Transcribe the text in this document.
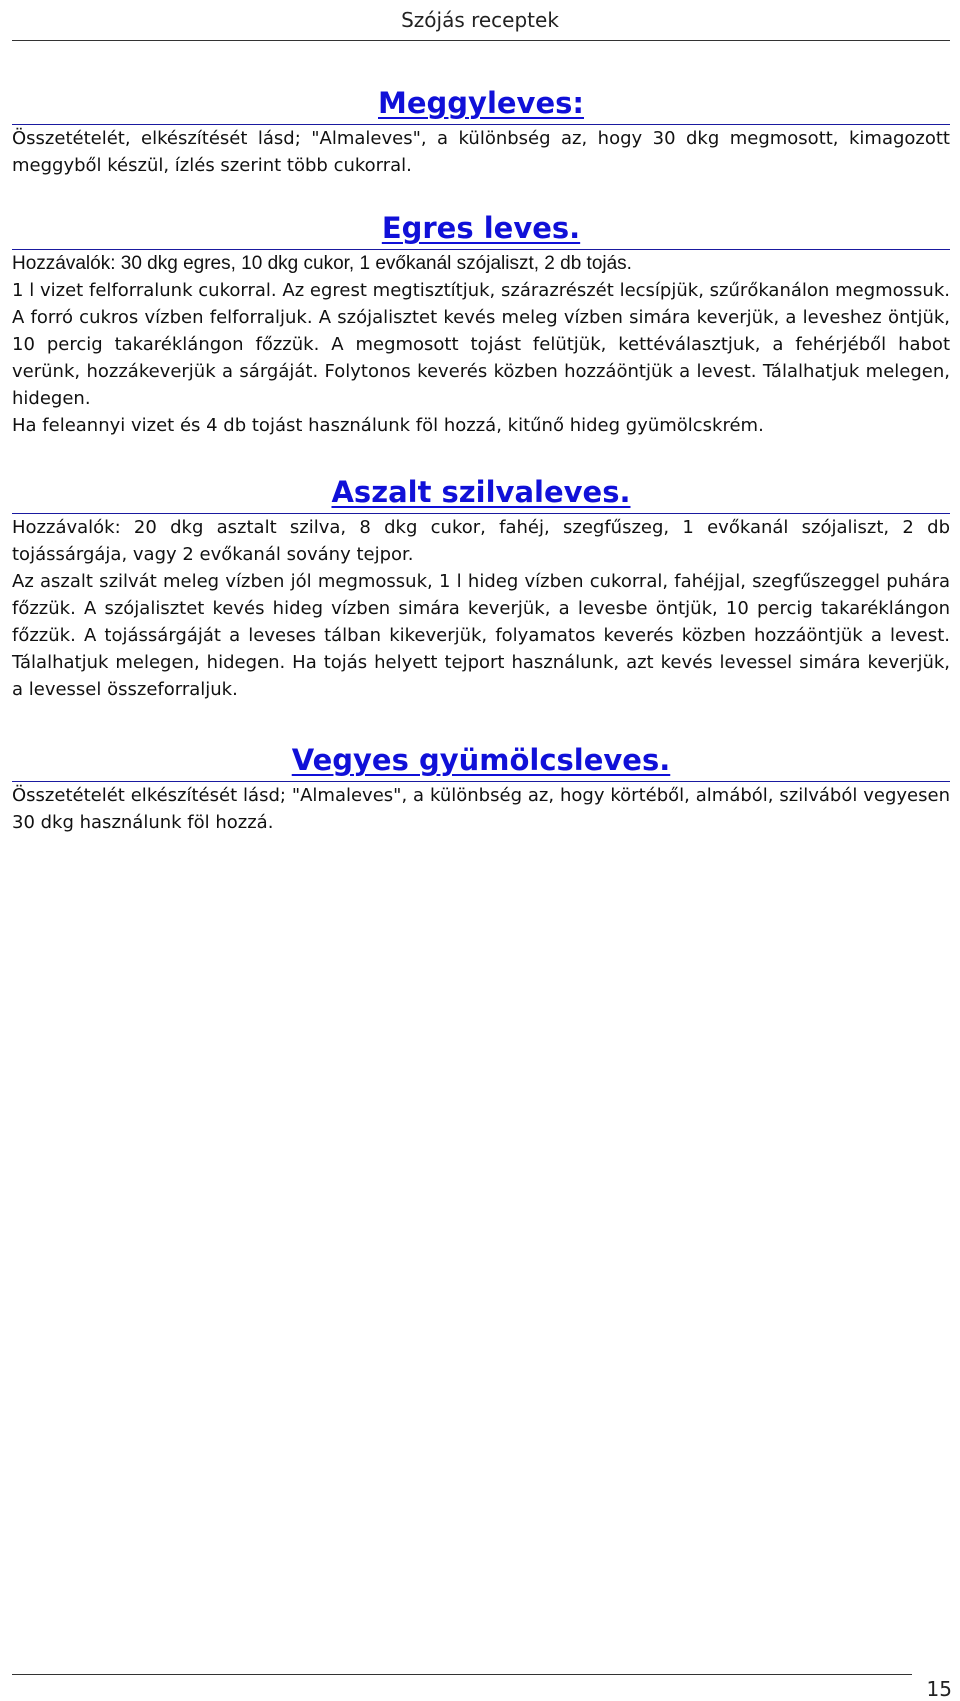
Szójás receptek
Meggyleves:

Összetételét, elkészítését lásd; "Almaleves", a különbség az, hogy 30 dkg megmosott, kimagozott meggyből készül, ízlés szerint több cukorral.

Egres leves.

Hozzávalók: 30 dkg egres, 10 dkg cukor, 1 evőkanál szójaliszt, 2 db tojás.

1 l vizet felforralunk cukorral. Az egrest megtisztítjuk, szárazrészét lecsípjük, szűrőkanálon megmossuk. A forró cukros vízben felforraljuk. A szójalisztet kevés meleg vízben simára keverjük, a leveshez öntjük, 10 percig takaréklángon főzzük. A megmosott tojást felütjük, kettéválasztjuk, a fehérjéből habot verünk, hozzákeverjük a sárgáját. Folytonos keverés közben hozzáöntjük a levest. Tálalhatjuk melegen, hidegen.

Ha feleannyi vizet és 4 db tojást használunk föl hozzá, kitűnő hideg gyümölcskrém.

Aszalt szilvaleves.

Hozzávalók: 20 dkg asztalt szilva, 8 dkg cukor, fahéj, szegfűszeg, 1 evőkanál szójaliszt, 2 db tojássárgája, vagy 2 evőkanál sovány tejpor.

Az aszalt szilvát meleg vízben jól megmossuk, 1 l hideg vízben cukorral, fahéjjal, szegfűszeggel puhára főzzük. A szójalisztet kevés hideg vízben simára keverjük, a levesbe öntjük, 10 percig takaréklángon főzzük. A tojássárgáját a leveses tálban kikeverjük, folyamatos keverés közben hozzáöntjük a levest. Tálalhatjuk melegen, hidegen. Ha tojás helyett tejport használunk, azt kevés levessel simára keverjük, a levessel összeforraljuk.

Vegyes gyümölcsleves.

Összetételét elkészítését lásd; "Almaleves", a különbség az, hogy körtéből, almából, szilvából vegyesen 30 dkg használunk föl hozzá.

15
